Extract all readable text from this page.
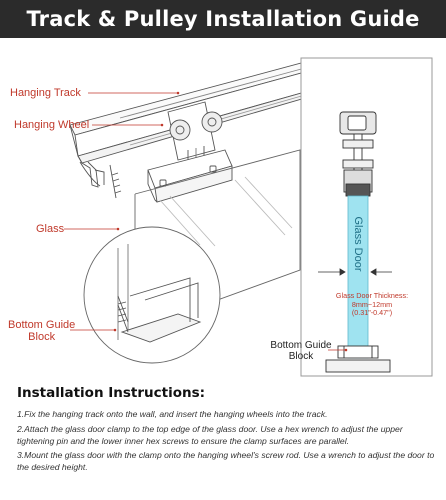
Track & Pulley Installation Guide
Glass Door
Hanging Track
Hanging Wheel
Glass
Bottom Guide
Block
Glass Door Thickness:
8mm~12mm
(0.31"-0.47")
Bottom Guide
Block
Installation Instructions:

1.Fix the hanging track onto the wall, and insert the hanging wheels into the track.

2.Attach the glass door clamp to the top edge of the glass door. Use a hex wrench to adjust the upper tightening pin and the lower inner hex screws to ensure the clamp surfaces are parallel.

3.Mount the glass door with the clamp onto the hanging wheel's screw rod. Use a wrench to adjust the door to the desired height.
